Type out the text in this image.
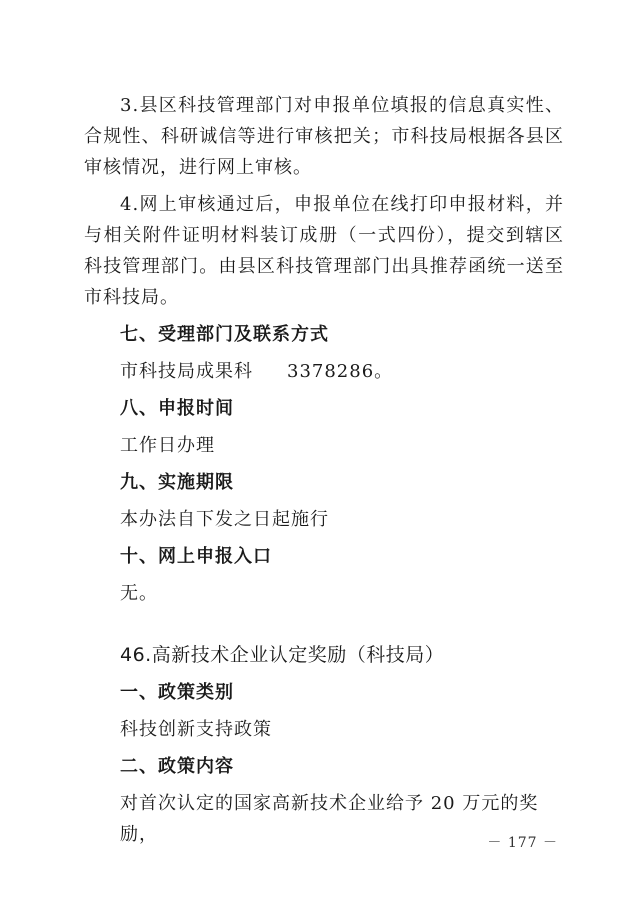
3.县区科技管理部门对申报单位填报的信息真实性、合规性、科研诚信等进行审核把关；市科技局根据各县区审核情况，进行网上审核。

4.网上审核通过后，申报单位在线打印申报材料，并与相关附件证明材料装订成册（一式四份），提交到辖区科技管理部门。由县区科技管理部门出具推荐函统一送至市科技局。

七、受理部门及联系方式

市科技局成果科 3378286。

八、申报时间

工作日办理

九、实施期限

本办法自下发之日起施行

十、网上申报入口

无。

46.高新技术企业认定奖励（科技局）

一、政策类别

科技创新支持政策

二、政策内容

对首次认定的国家高新技术企业给予 20 万元的奖励，	－ 177 －
